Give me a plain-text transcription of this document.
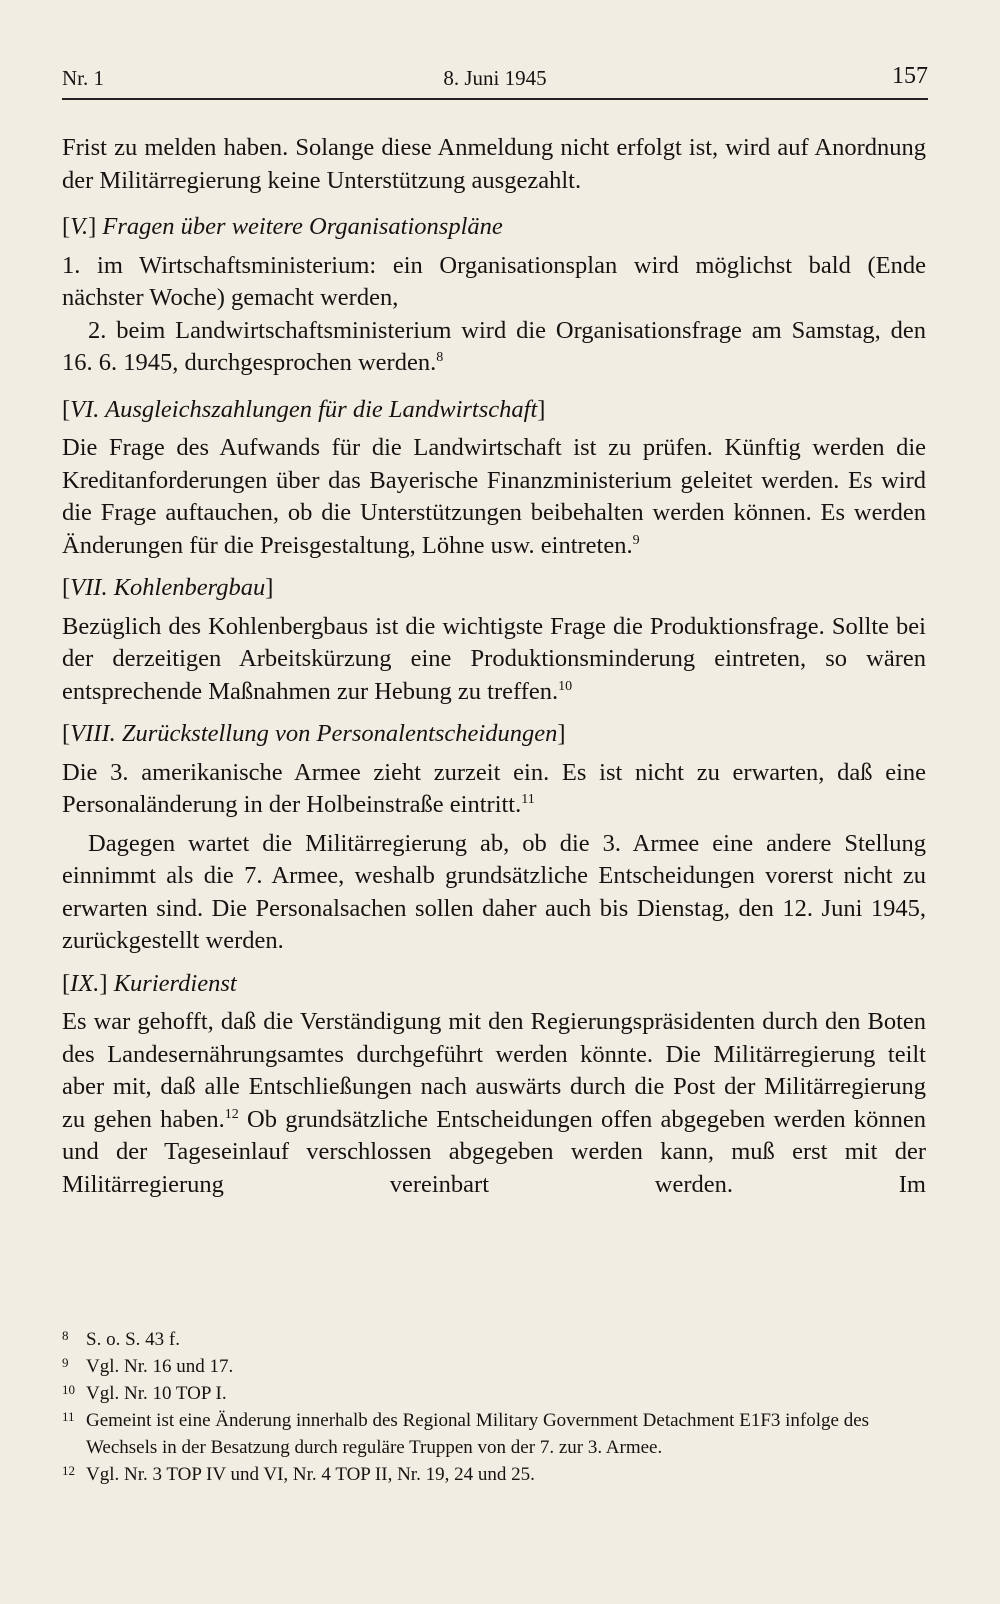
Nr. 1	8. Juni 1945	157

Frist zu melden haben. Solange diese Anmeldung nicht erfolgt ist, wird auf Anordnung der Militärregierung keine Unterstützung ausgezahlt.

[V.] Fragen über weitere Organisationspläne

1. im Wirtschaftsministerium: ein Organisationsplan wird möglichst bald (Ende nächster Woche) gemacht werden,

2. beim Landwirtschaftsministerium wird die Organisationsfrage am Samstag, den 16. 6. 1945, durchgesprochen werden.$^8$

[VI. Ausgleichszahlungen für die Landwirtschaft]

Die Frage des Aufwands für die Landwirtschaft ist zu prüfen. Künftig werden die Kreditanforderungen über das Bayerische Finanzministerium geleitet werden. Es wird die Frage auftauchen, ob die Unterstützungen beibehalten werden können. Es werden Änderungen für die Preisgestaltung, Löhne usw. eintreten.$^9$

[VII. Kohlenbergbau]

Bezüglich des Kohlenbergbaus ist die wichtigste Frage die Produktionsfrage. Sollte bei der derzeitigen Arbeitskürzung eine Produktionsminderung eintreten, so wären entsprechende Maßnahmen zur Hebung zu treffen.$^{10}$

[VIII. Zurückstellung von Personalentscheidungen]

Die 3. amerikanische Armee zieht zurzeit ein. Es ist nicht zu erwarten, daß eine Personaländerung in der Holbeinstraße eintritt.$^{11}$

Dagegen wartet die Militärregierung ab, ob die 3. Armee eine andere Stellung einnimmt als die 7. Armee, weshalb grundsätzliche Entscheidungen vorerst nicht zu erwarten sind. Die Personalsachen sollen daher auch bis Dienstag, den 12. Juni 1945, zurückgestellt werden.

[IX.] Kurierdienst

Es war gehofft, daß die Verständigung mit den Regierungspräsidenten durch den Boten des Landesernährungsamtes durchgeführt werden könnte. Die Militärregierung teilt aber mit, daß alle Entschließungen nach auswärts durch die Post der Militärregierung zu gehen haben.$^{12}$ Ob grundsätzliche Entscheidungen offen abgegeben werden können und der Tageseinlauf verschlossen abgegeben werden kann, muß erst mit der Militärregierung vereinbart werden. Im

8 S. o. S. 43 f.
9 Vgl. Nr. 16 und 17.
10 Vgl. Nr. 10 TOP I.
11 Gemeint ist eine Änderung innerhalb des Regional Military Government Detachment E1F3 infolge des Wechsels in der Besatzung durch reguläre Truppen von der 7. zur 3. Armee.
12 Vgl. Nr. 3 TOP IV und VI, Nr. 4 TOP II, Nr. 19, 24 und 25.
